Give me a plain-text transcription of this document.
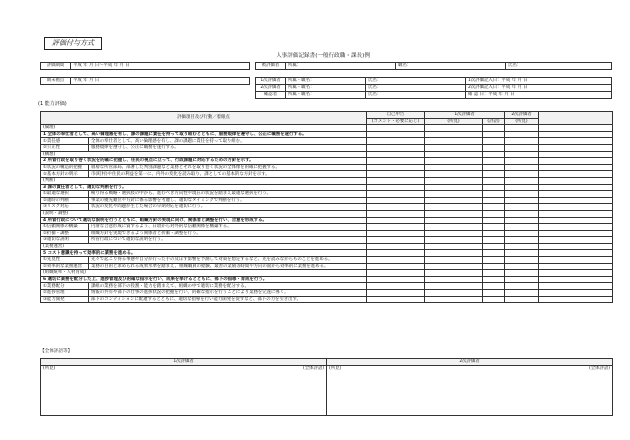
評価付与方式
人事評価記録書(一般行政職・課長)例
評価期間	平成 年 月 日～平成 年 月 日	被評価者	所属：	職名：	氏名：
期末拠点	平成 年 月 日	1次評価者	所属・職名：	氏名：	1次評価記入日：平成 年 月 日
2次評価者	所属・職名：	氏名：	2次評価記入日：平成 年 月 日
確認者	所属・職名：	氏名：	確 認 日：平成 年 月 日
(1 能力評価)
評価項目及び行動／着眼点		自己申告	1次評価者		2次評価者	
		(コメント・必要に応じ)	(所見)	(評語)	(所見)	
(倫理)						
1 全体の奉仕者として、高い倫理感を有し、課の課題に責任を持って取り組むとともに、服務規律を遵守し、公正に職務を遂行する。						
①責任感	全体の奉仕者として、高い倫理感を有し、課の課題に責任を持って取り組む。					
②公正性	服務規律を遵守し、公正に職務を遂行する。					
(構想)						
2 所管行政を取り巻く状況を的確に把握し、住民の視点に立って、行政課題に対応するための方針を示す。						
①状況の構造的把握	層層な所管部局、部署した判別課題など業務とそれを取り巻く状況の全体像を的確に把握する。					
②基本方針の明示	市(町村)や住民の利益を第一に、内外の変化を読み取り、課としての基本的な方針を示す。					
(判断)						
3 課の責任者として、適切な判断を行う。						
①最適な選択	検り得る戦略・選択肢の中から、進むべき方向性や現在の状況を踏まえ最適な選択を行う。					
②適時の判断	事業の優先順位や方針に係る影響を考慮し、適切なタイミングで判断を行う。					
③リスク対応	状況の変化や問題が生じた場合の早期対応を適切に行う。					
(説明・調整)						
4 所管行政について適切な説明を行うとともに、組織方針の実現に向け、関係者と調整を行い、合意を形成する。						
①信頼関係の構築	円滑な合意形成に資するよう、日頃から対外的な信頼関係を構築する。					
②折衝・調整	組織方針を実現できるよう関係者と折衝・調整を行う。					
③適切な説明	所管行政について適切な説明を行う。					
(業務運営)						
5 コスト意識を持って効率的に業務を進める。						
①先見性	先々で起こり得る事態や自分が行った手の及ぼす影響を予測して対策を想定するなど、先を読みながらものごとを進める。					
②効率的な業務運営	業務の目的と求められる成果水準を踏まえ、組織職員の経験、最善の業績等時間や方向の面から効率的に業務を進める。					
(組織統率・人材育成)						
6 適切に業務を配分した上、進捗管理及び的確な指示を行い、成果を挙げるとともに、部下の指導・育成を行う。						
①業務配分	課組の業務を部下の役割・能力を踏まえて、組織の中で適切に業務を配分する。					
②進捗管理	情報の共有や部下の仕事の進捗状況の把握を行い、的確な指示を行うことにより業務を完遂に導く。					
③能力開発	部下のコンディションに配慮するとともに、適切な指導を行い能力開発を促すなど、部下の力を引き出す。					
【全体評語等】
1次評価者	2次評価者
(所見) (全体評語)	(所見) (全体評語)
